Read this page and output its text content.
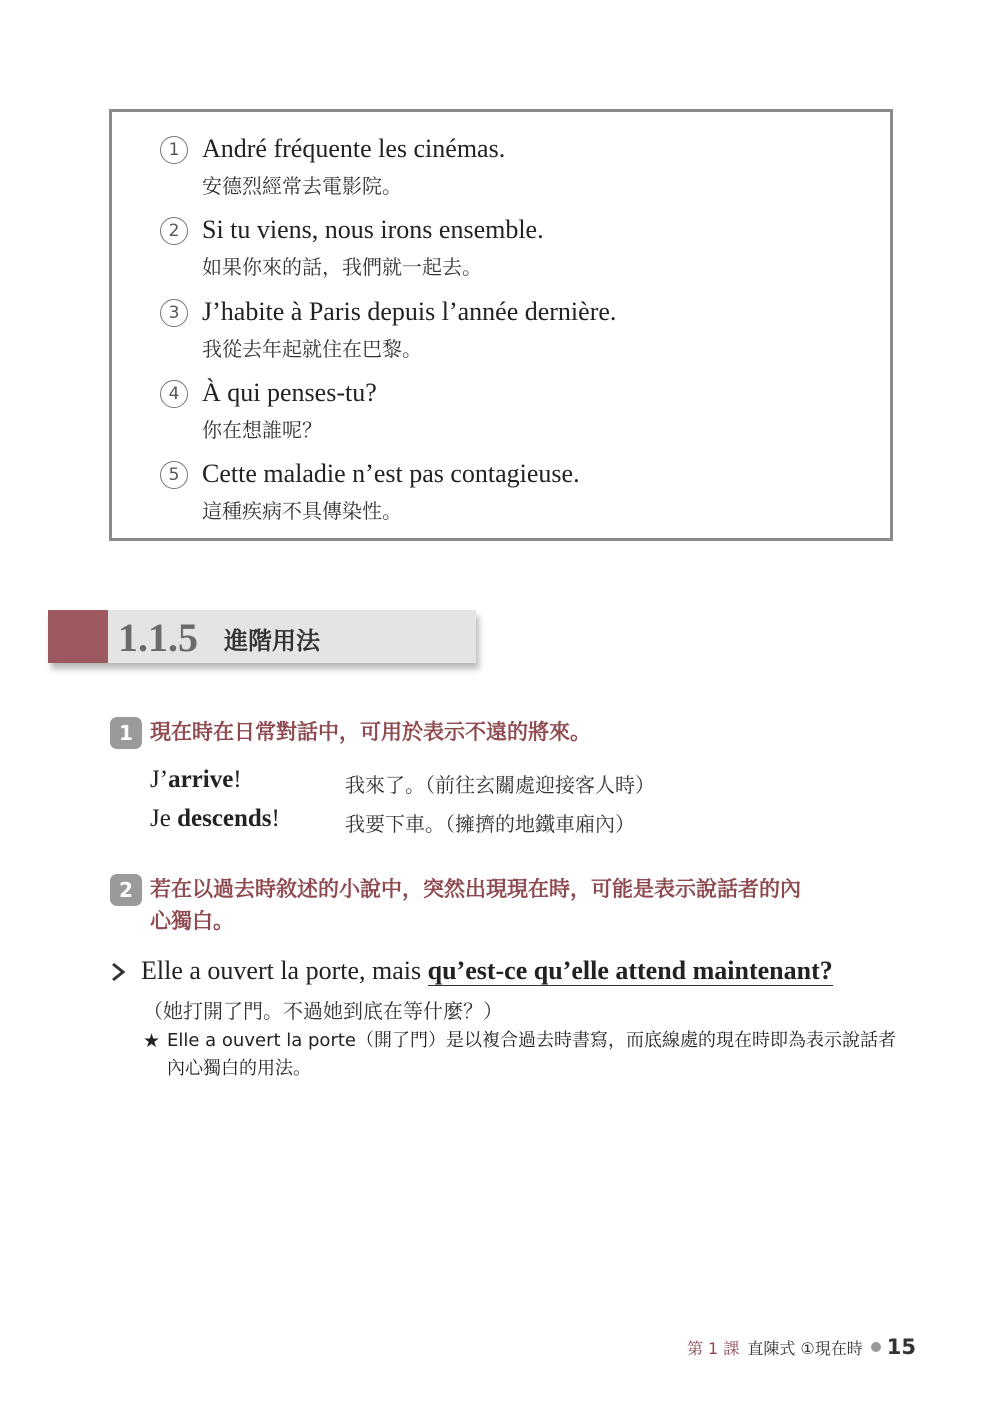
1 André fréquente les cinémas.
安德烈經常去電影院。
2 Si tu viens, nous irons ensemble.
如果你來的話，我們就一起去。
3 J’habite à Paris depuis l’année dernière.
我從去年起就住在巴黎。
4 À qui penses-tu?
你在想誰呢？
5 Cette maladie n’est pas contagieuse.
這種疾病不具傳染性。
1.1.5 進階用法
1 現在時在日常對話中，可用於表示不遠的將來。
J’arrive!	我來了。（前往玄關處迎接客人時）
Je descends!	我要下車。（擁擠的地鐵車廂內）
2 若在以過去時敘述的小說中，突然出現現在時，可能是表示說話者的內
心獨白。
Elle a ouvert la porte, mais qu’est-ce qu’elle attend maintenant?
（她打開了門。不過她到底在等什麼？）
★ Elle a ouvert la porte（開了門）是以複合過去時書寫，而底線處的現在時即為表示說話者內心獨白的用法。
第 1 課 直陳式 ①現在時 15
